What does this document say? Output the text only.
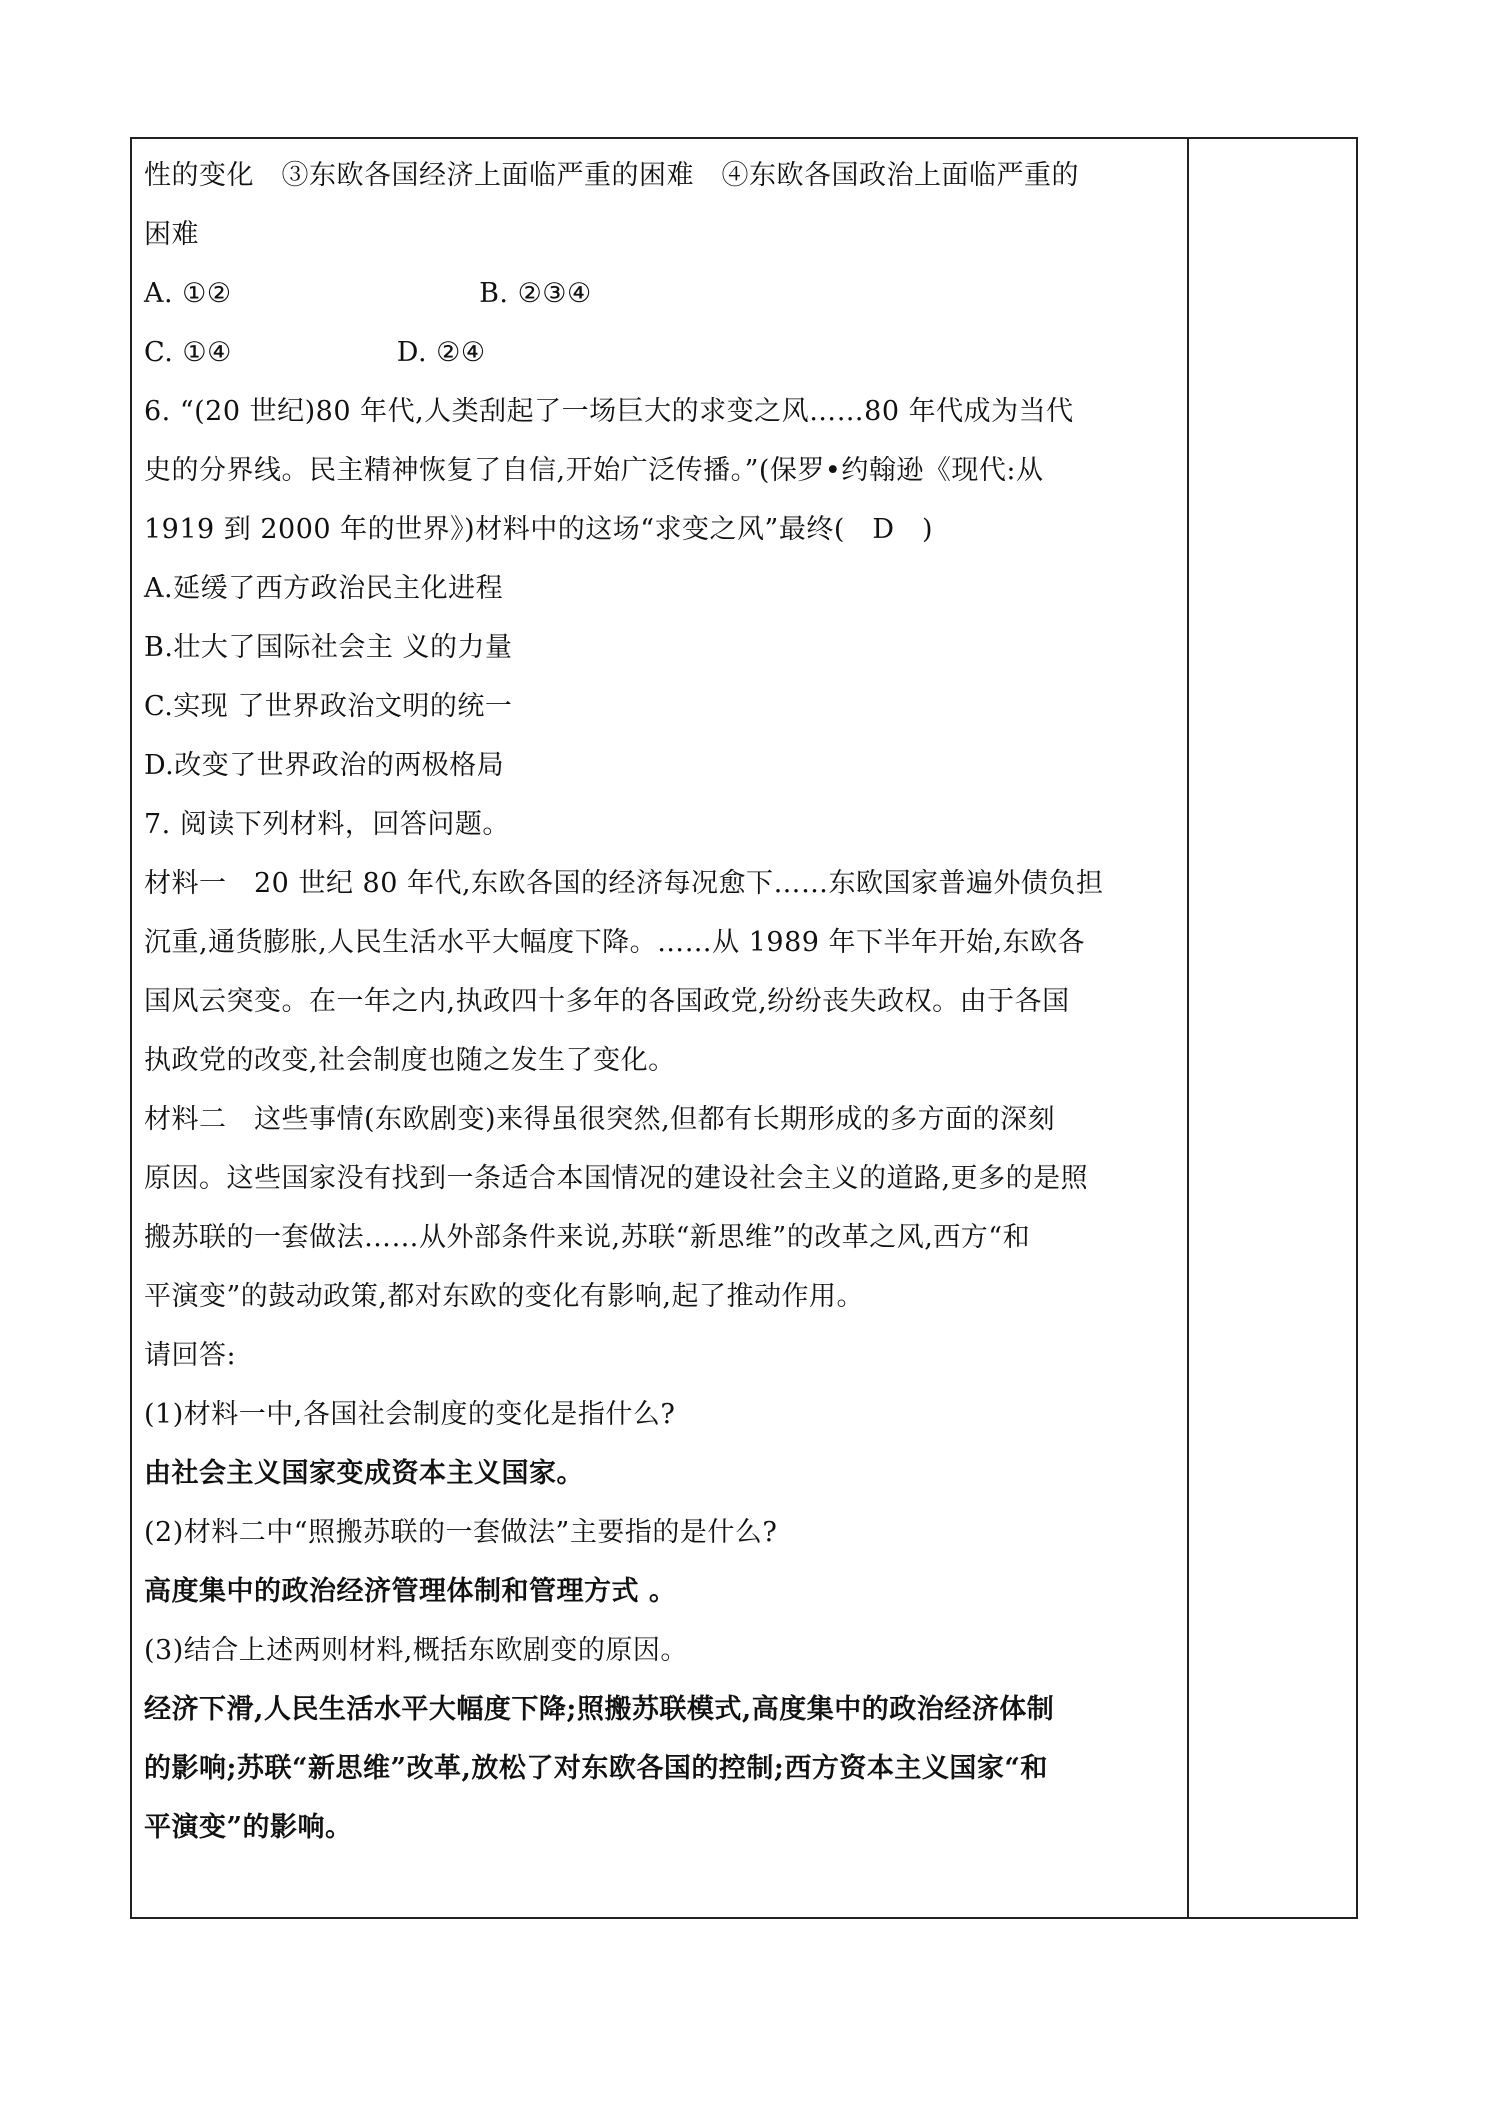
性的变化　③东欧各国经济上面临严重的困难　④东欧各国政治上面临严重的
困难
A. ①②　　　　　　　　　B. ②③④
C. ①④　　　　　　D. ②④
6. “(20 世纪)80 年代,人类刮起了一场巨大的求变之风……80 年代成为当代
史的分界线。民主精神恢复了自信,开始广泛传播。”(保罗•约翰逊《现代:从
1919 到 2000 年的世界》)材料中的这场“求变之风”最终(　D　)
A.延缓了西方政治民主化进程
B.壮大了国际社会主 义的力量
C.实现 了世界政治文明的统一
D.改变了世界政治的两极格局
7. 阅读下列材料，回答问题。
材料一　20 世纪 80 年代,东欧各国的经济每况愈下……东欧国家普遍外债负担
沉重,通货膨胀,人民生活水平大幅度下降。……从 1989 年下半年开始,东欧各
国风云突变。在一年之内,执政四十多年的各国政党,纷纷丧失政权。由于各国
执政党的改变,社会制度也随之发生了变化。
材料二　这些事情(东欧剧变)来得虽很突然,但都有长期形成的多方面的深刻
原因。这些国家没有找到一条适合本国情况的建设社会主义的道路,更多的是照
搬苏联的一套做法……从外部条件来说,苏联“新思维”的改革之风,西方“和
平演变”的鼓动政策,都对东欧的变化有影响,起了推动作用。
请回答:
(1)材料一中,各国社会制度的变化是指什么?
由社会主义国家变成资本主义国家。
(2)材料二中“照搬苏联的一套做法”主要指的是什么?
高度集中的政治经济管理体制和管理方式 。
(3)结合上述两则材料,概括东欧剧变的原因。
经济下滑,人民生活水平大幅度下降;照搬苏联模式,高度集中的政治经济体制
的影响;苏联“新思维”改革,放松了对东欧各国的控制;西方资本主义国家“和
平演变”的影响。
